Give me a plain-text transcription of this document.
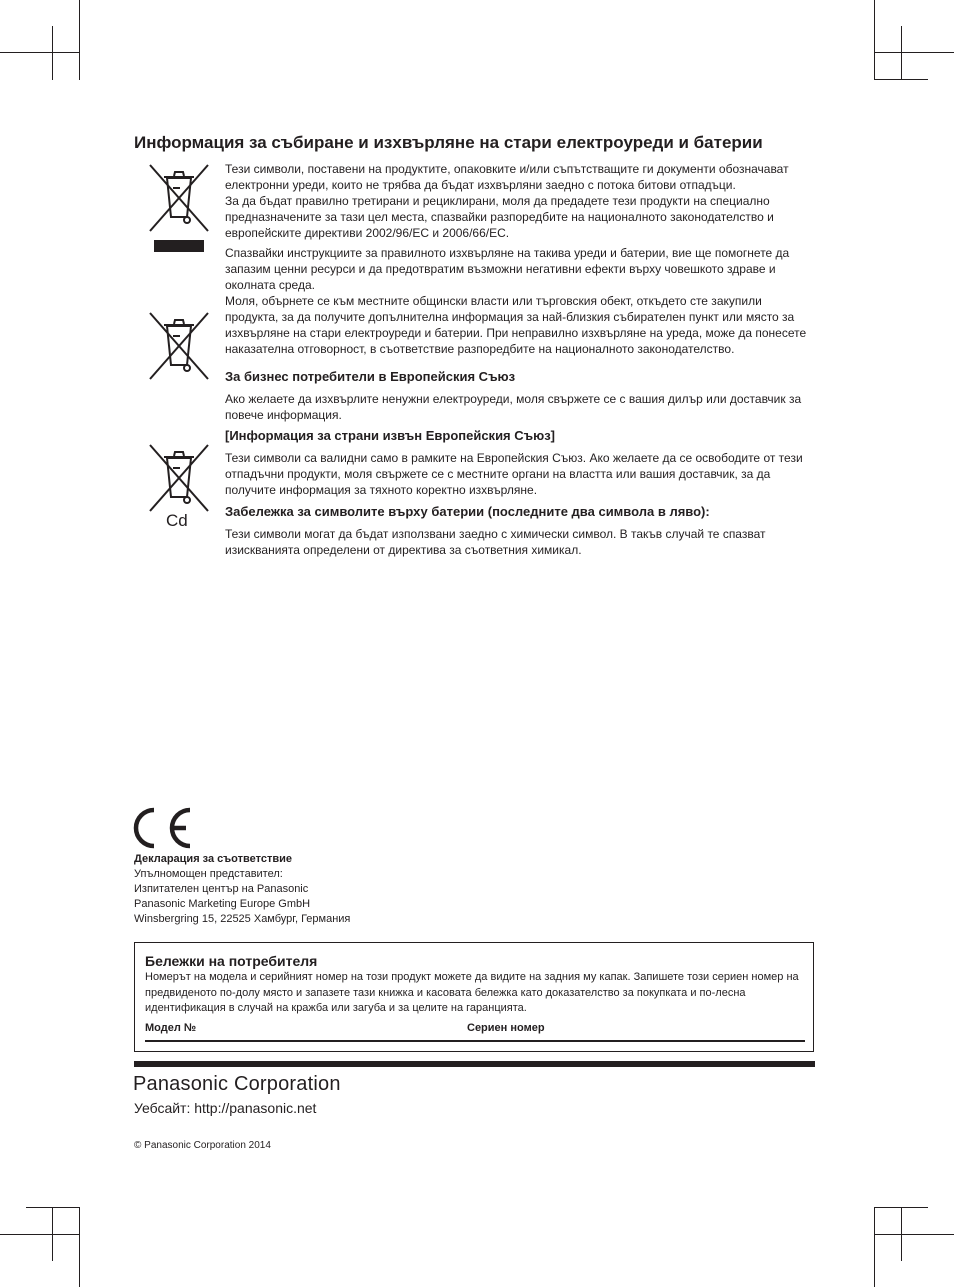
Информация за събиране и изхвърляне на стари електроуреди и батерии
Cd

Тези символи, поставени на продуктите, опаковките и/или съпътстващите ги документи обозначават електронни уреди, които не трябва да бъдат изхвърляни заедно с потока битови отпадъци.

За да бъдат правилно третирани и рециклирани, моля да предадете тези продукти на специално предназначените за тази цел места, спазвайки разпоредбите на националното законодателство и европейските директиви 2002/96/ЕС и 2006/66/ЕС.

Спазвайки инструкциите за правилното изхвърляне на такива уреди и батерии, вие ще помогнете да запазим ценни ресурси и да предотвратим възможни негативни ефекти върху човешкото здраве и околната среда.

Моля, обърнете се към местните общински власти или търговския обект, откъдето сте закупили продукта, за да получите допълнителна информация за най-близкия събирателен пункт или място за изхвърляне на стари електроуреди и батерии. При неправилно изхвърляне на уреда, може да понесете наказателна отговорност, в съответствие разпоредбите на националното законодателство.

За бизнес потребители в Европейския Съюз

Ако желаете да изхвърлите ненужни електроуреди, моля свържете се с вашия дилър или доставчик за повече информация.

[Информация за страни извън Европейския Съюз]

Тези символи са валидни само в рамките на Европейския Съюз. Ако желаете да се освободите от тези отпадъчни продукти, моля свържете се с местните органи на властта или вашия доставчик, за да получите информация за тяхното коректно изхвърляне.

Забележка за символите върху батерии (последните два символа в ляво):

Тези символи могат да бъдат използвани заедно с химически символ. В такъв случай те спазват изискванията определени от директива за съответния химикал.

Декларация за съответствие
Упълномощен представител:
Изпитателен център на Panasonic
Panasonic Marketing Europe GmbH
Winsbergring 15, 22525 Хамбург, Германия
Бележки на потребителя
Номерът на модела и серийният номер на този продукт можете да видите на задния му капак. Запишете този сериен номер на предвиденото по-долу място и запазете тази книжка и касовата бележка като доказателство за покупката и по-лесна идентификация в случай на кражба или загуба и за целите на гаранцията.
Модел №	Сериен номер
Panasonic Corporation
Уебсайт: http://panasonic.net
© Panasonic Corporation 2014
